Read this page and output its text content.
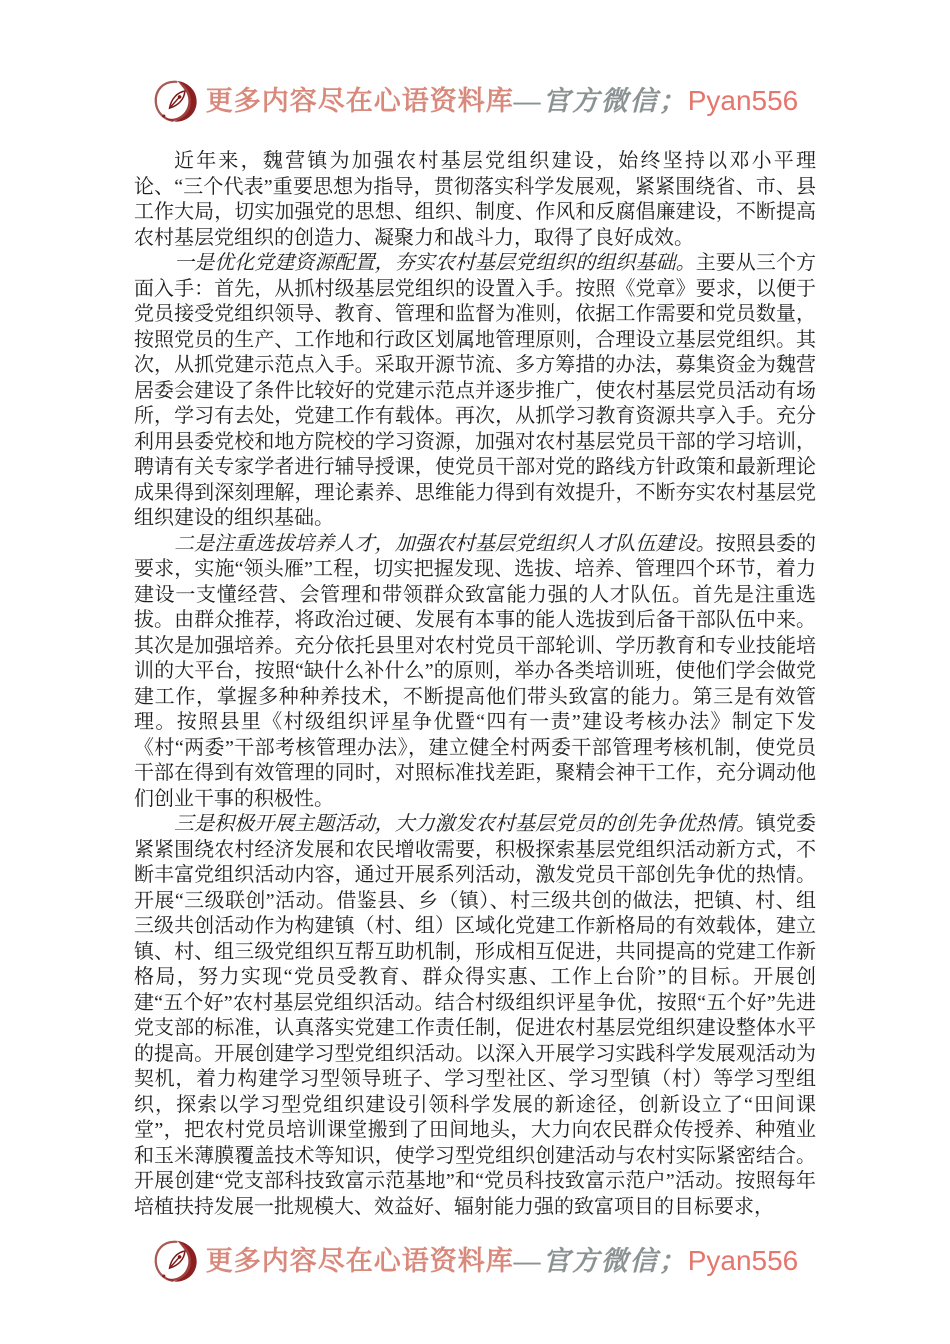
更多内容尽在心语资料库—官方微信；Pyan556

近年来，魏营镇为加强农村基层党组织建设，始终坚持以邓小平理论、“三个代表”重要思想为指导，贯彻落实科学发展观，紧紧围绕省、市、县工作大局，切实加强党的思想、组织、制度、作风和反腐倡廉建设，不断提高农村基层党组织的创造力、凝聚力和战斗力，取得了良好成效。

一是优化党建资源配置，夯实农村基层党组织的组织基础。主要从三个方面入手：首先，从抓村级基层党组织的设置入手。按照《党章》要求，以便于党员接受党组织领导、教育、管理和监督为准则，依据工作需要和党员数量，按照党员的生产、工作地和行政区划属地管理原则，合理设立基层党组织。其次，从抓党建示范点入手。采取开源节流、多方筹措的办法，募集资金为魏营居委会建设了条件比较好的党建示范点并逐步推广，使农村基层党员活动有场所，学习有去处，党建工作有载体。再次，从抓学习教育资源共享入手。充分利用县委党校和地方院校的学习资源，加强对农村基层党员干部的学习培训，聘请有关专家学者进行辅导授课，使党员干部对党的路线方针政策和最新理论成果得到深刻理解，理论素养、思维能力得到有效提升，不断夯实农村基层党组织建设的组织基础。

二是注重选拔培养人才，加强农村基层党组织人才队伍建设。按照县委的要求，实施“领头雁”工程，切实把握发现、选拔、培养、管理四个环节，着力建设一支懂经营、会管理和带领群众致富能力强的人才队伍。首先是注重选拔。由群众推荐，将政治过硬、发展有本事的能人选拔到后备干部队伍中来。其次是加强培养。充分依托县里对农村党员干部轮训、学历教育和专业技能培训的大平台，按照“缺什么补什么”的原则，举办各类培训班，使他们学会做党建工作，掌握多种种养技术，不断提高他们带头致富的能力。第三是有效管理。按照县里《村级组织评星争优暨“四有一责”建设考核办法》制定下发《村“两委”干部考核管理办法》，建立健全村两委干部管理考核机制，使党员干部在得到有效管理的同时，对照标准找差距，聚精会神干工作，充分调动他们创业干事的积极性。

三是积极开展主题活动，大力激发农村基层党员的创先争优热情。镇党委紧紧围绕农村经济发展和农民增收需要，积极探索基层党组织活动新方式，不断丰富党组织活动内容，通过开展系列活动，激发党员干部创先争优的热情。开展“三级联创”活动。借鉴县、乡（镇）、村三级共创的做法，把镇、村、组三级共创活动作为构建镇（村、组）区域化党建工作新格局的有效载体，建立镇、村、组三级党组织互帮互助机制，形成相互促进，共同提高的党建工作新格局，努力实现“党员受教育、群众得实惠、工作上台阶”的目标。开展创建“五个好”农村基层党组织活动。结合村级组织评星争优，按照“五个好”先进党支部的标准，认真落实党建工作责任制，促进农村基层党组织建设整体水平的提高。开展创建学习型党组织活动。以深入开展学习实践科学发展观活动为契机，着力构建学习型领导班子、学习型社区、学习型镇（村）等学习型组织，探索以学习型党组织建设引领科学发展的新途径，创新设立了“田间课堂”，把农村党员培训课堂搬到了田间地头，大力向农民群众传授养、种殖业和玉米薄膜覆盖技术等知识，使学习型党组织创建活动与农村实际紧密结合。开展创建“党支部科技致富示范基地”和“党员科技致富示范户”活动。按照每年培植扶持发展一批规模大、效益好、辐射能力强的致富项目的目标要求，

更多内容尽在心语资料库—官方微信；Pyan556
